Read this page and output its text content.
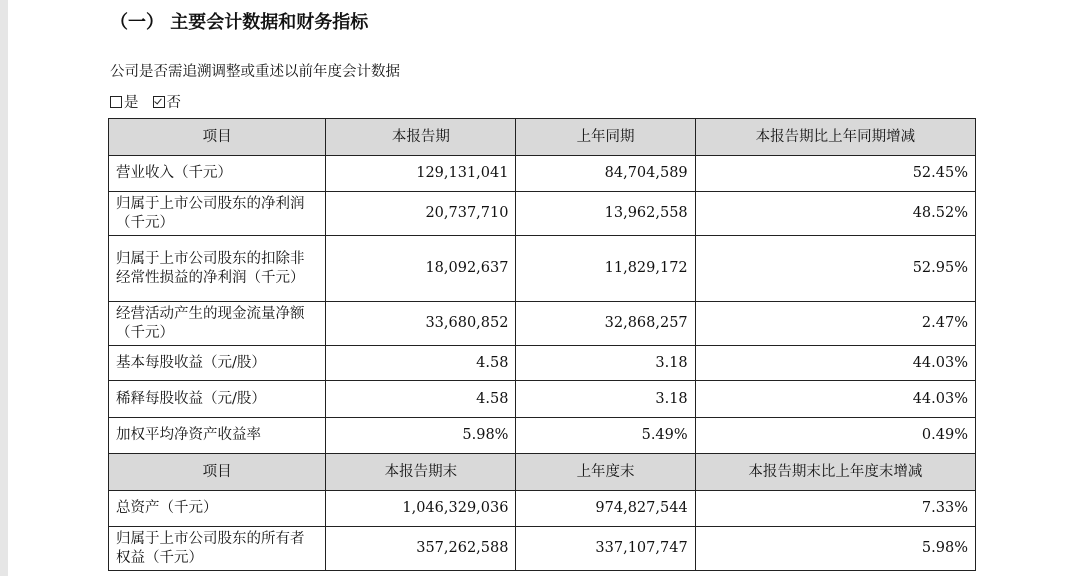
（一） 主要会计数据和财务指标
公司是否需追溯调整或重述以前年度会计数据
是 否
项目	本报告期	上年同期	本报告期比上年同期增减
营业收入（千元）	129,131,041	84,704,589	52.45%
归属于上市公司股东的净利润（千元）	20,737,710	13,962,558	48.52%
归属于上市公司股东的扣除非经常性损益的净利润（千元）	18,092,637	11,829,172	52.95%
经营活动产生的现金流量净额（千元）	33,680,852	32,868,257	2.47%
基本每股收益（元/股）	4.58	3.18	44.03%
稀释每股收益（元/股）	4.58	3.18	44.03%
加权平均净资产收益率	5.98%	5.49%	0.49%
项目	本报告期末	上年度末	本报告期末比上年度末增减
总资产（千元）	1,046,329,036	974,827,544	7.33%
归属于上市公司股东的所有者权益（千元）	357,262,588	337,107,747	5.98%
